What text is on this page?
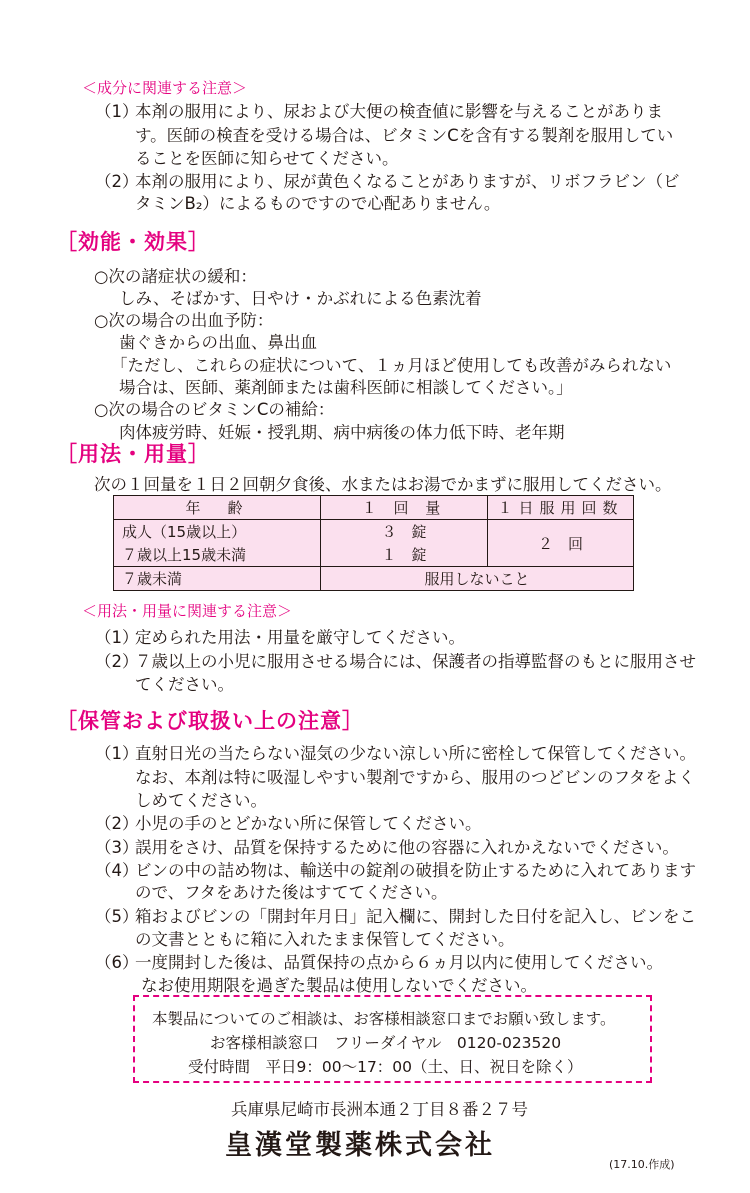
＜成分に関連する注意＞
（1）
本剤の服用により、尿および大便の検査値に影響を与えることがありま
す。医師の検査を受ける場合は、ビタミンCを含有する製剤を服用してい
ることを医師に知らせてください。
（2）
本剤の服用により、尿が黄色くなることがありますが、リボフラビン（ビ
タミンB₂）によるものですので心配ありません。
［効能・効果］
○次の諸症状の緩和：
しみ、そばかす、日やけ・かぶれによる色素沈着
○次の場合の出血予防：
歯ぐきからの出血、鼻出血
「ただし、これらの症状について、１ヵ月ほど使用しても改善がみられない
場合は、医師、薬剤師または歯科医師に相談してください。」
○次の場合のビタミンCの補給：
肉体疲労時、妊娠・授乳期、病中病後の体力低下時、老年期
［用法・用量］
次の１回量を１日２回朝夕食後、水またはお湯でかまずに服用してください。
年　齢	１ 回 量	１日服用回数
成人（15歳以上）	３　錠	２　回
７歳以上15歳未満	１　錠	
７歳未満	服用しないこと	
＜用法・用量に関連する注意＞
（1）
定められた用法・用量を厳守してください。
（2）
７歳以上の小児に服用させる場合には、保護者の指導監督のもとに服用させ
てください。
［保管および取扱い上の注意］
（1）
直射日光の当たらない湿気の少ない涼しい所に密栓して保管してください。
なお、本剤は特に吸湿しやすい製剤ですから、服用のつどビンのフタをよく
しめてください。
（2）
小児の手のとどかない所に保管してください。
（3）
誤用をさけ、品質を保持するために他の容器に入れかえないでください。
（4）
ビンの中の詰め物は、輸送中の錠剤の破損を防止するために入れてあります
ので、フタをあけた後はすててください。
（5）
箱およびビンの「開封年月日」記入欄に、開封した日付を記入し、ビンをこ
の文書とともに箱に入れたまま保管してください。
（6）
一度開封した後は、品質保持の点から６ヵ月以内に使用してください。
なお使用期限を過ぎた製品は使用しないでください。
本製品についてのご相談は、お客様相談窓口までお願い致します。
お客様相談窓口　フリーダイヤル　0120-023520
受付時間　平日9：00～17：00（土、日、祝日を除く）
兵庫県尼崎市長洲本通２丁目８番２７号
皇漢堂製薬株式会社
(17.10.作成)
